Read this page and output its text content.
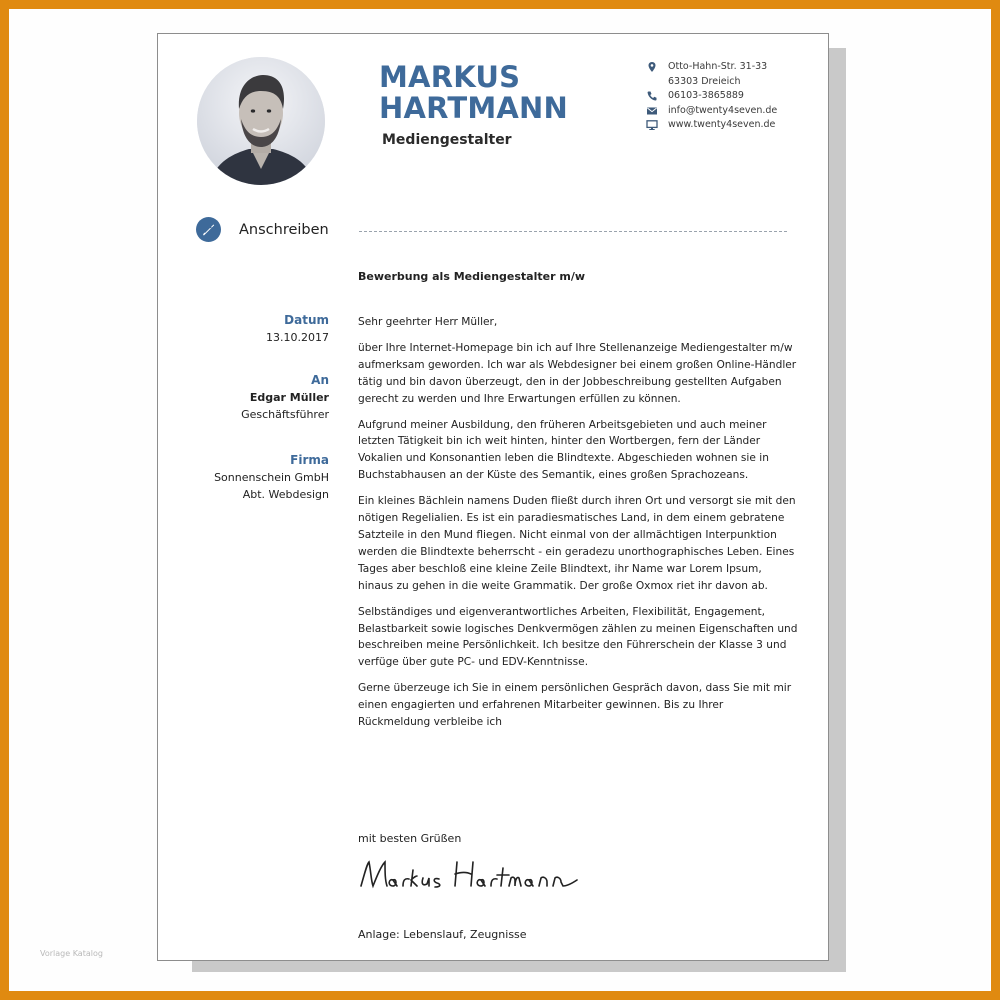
MARKUS
HARTMANN
Mediengestalter
Otto-Hahn-Str. 31-33
63303 Dreieich
06103-3865889
info@twenty4seven.de
www.twenty4seven.de
Anschreiben
Bewerbung als Mediengestalter m/w
Datum
13.10.2017
An
Edgar Müller
Geschäftsführer
Firma
Sonnenschein GmbH
Abt. Webdesign

Sehr geehrter Herr Müller,

über Ihre Internet-Homepage bin ich auf Ihre Stellenanzeige Mediengestalter m/w aufmerksam geworden. Ich war als Webdesigner bei einem großen Online-Händler tätig und bin davon überzeugt, den in der Jobbeschreibung gestellten Aufgaben gerecht zu werden und Ihre Erwartungen erfüllen zu können.

Aufgrund meiner Ausbildung, den früheren Arbeitsgebieten und auch meiner letzten Tätigkeit bin ich weit hinten, hinter den Wortbergen, fern der Länder Vokalien und Konsonantien leben die Blindtexte. Abgeschieden wohnen sie in Buchstabhausen an der Küste des Semantik, eines großen Sprachozeans.

Ein kleines Bächlein namens Duden fließt durch ihren Ort und versorgt sie mit den nötigen Regelialien. Es ist ein paradiesmatisches Land, in dem einem gebratene Satzteile in den Mund fliegen. Nicht einmal von der allmächtigen Interpunktion werden die Blindtexte beherrscht - ein geradezu unorthographisches Leben. Eines Tages aber beschloß eine kleine Zeile Blindtext, ihr Name war Lorem Ipsum, hinaus zu gehen in die weite Grammatik. Der große Oxmox riet ihr davon ab.

Selbständiges und eigenverantwortliches Arbeiten, Flexibilität, Engagement, Belastbarkeit sowie logisches Denkvermögen zählen zu meinen Eigenschaften und beschreiben meine Persönlichkeit. Ich besitze den Führerschein der Klasse 3 und verfüge über gute PC- und EDV-Kenntnisse.

Gerne überzeuge ich Sie in einem persönlichen Gespräch davon, dass Sie mit mir einen engagierten und erfahrenen Mitarbeiter gewinnen. Bis zu Ihrer Rückmeldung verbleibe ich

mit besten Grüßen
Anlage: Lebenslauf, Zeugnisse
Vorlage Katalog
